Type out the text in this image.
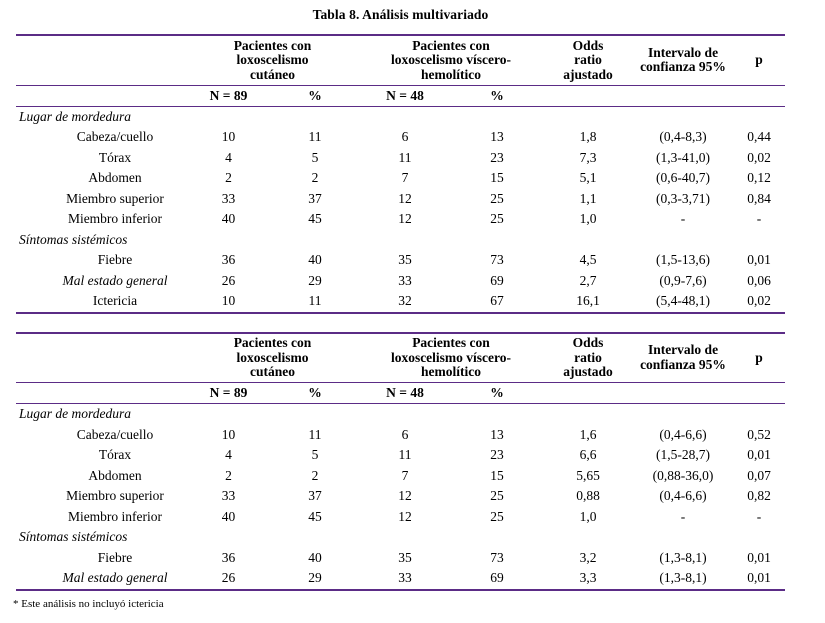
Tabla 8. Análisis multivariado
	Pacientes con loxoscelismo cutáneo		Pacientes con loxoscelismo víscero-hemolítico		Odds ratio ajustado	Intervalo de confianza 95%	p
	N = 89	%	N = 48	%			
Lugar de mordedura							
Cabeza/cuello	10	11	6	13	1,8	(0,4-8,3)	0,44
Tórax	4	5	11	23	7,3	(1,3-41,0)	0,02
Abdomen	2	2	7	15	5,1	(0,6-40,7)	0,12
Miembro superior	33	37	12	25	1,1	(0,3-3,71)	0,84
Miembro inferior	40	45	12	25	1,0	-	-
Síntomas sistémicos							
Fiebre	36	40	35	73	4,5	(1,5-13,6)	0,01
Mal estado general	26	29	33	69	2,7	(0,9-7,6)	0,06
Ictericia	10	11	32	67	16,1	(5,4-48,1)	0,02
	Pacientes con loxoscelismo cutáneo		Pacientes con loxoscelismo víscero-hemolítico		Odds ratio ajustado	Intervalo de confianza 95%	p
	N = 89	%	N = 48	%			
Lugar de mordedura							
Cabeza/cuello	10	11	6	13	1,6	(0,4-6,6)	0,52
Tórax	4	5	11	23	6,6	(1,5-28,7)	0,01
Abdomen	2	2	7	15	5,65	(0,88-36,0)	0,07
Miembro superior	33	37	12	25	0,88	(0,4-6,6)	0,82
Miembro inferior	40	45	12	25	1,0	-	-
Síntomas sistémicos							
Fiebre	36	40	35	73	3,2	(1,3-8,1)	0,01
Mal estado general	26	29	33	69	3,3	(1,3-8,1)	0,01
* Este análisis no incluyó ictericia
